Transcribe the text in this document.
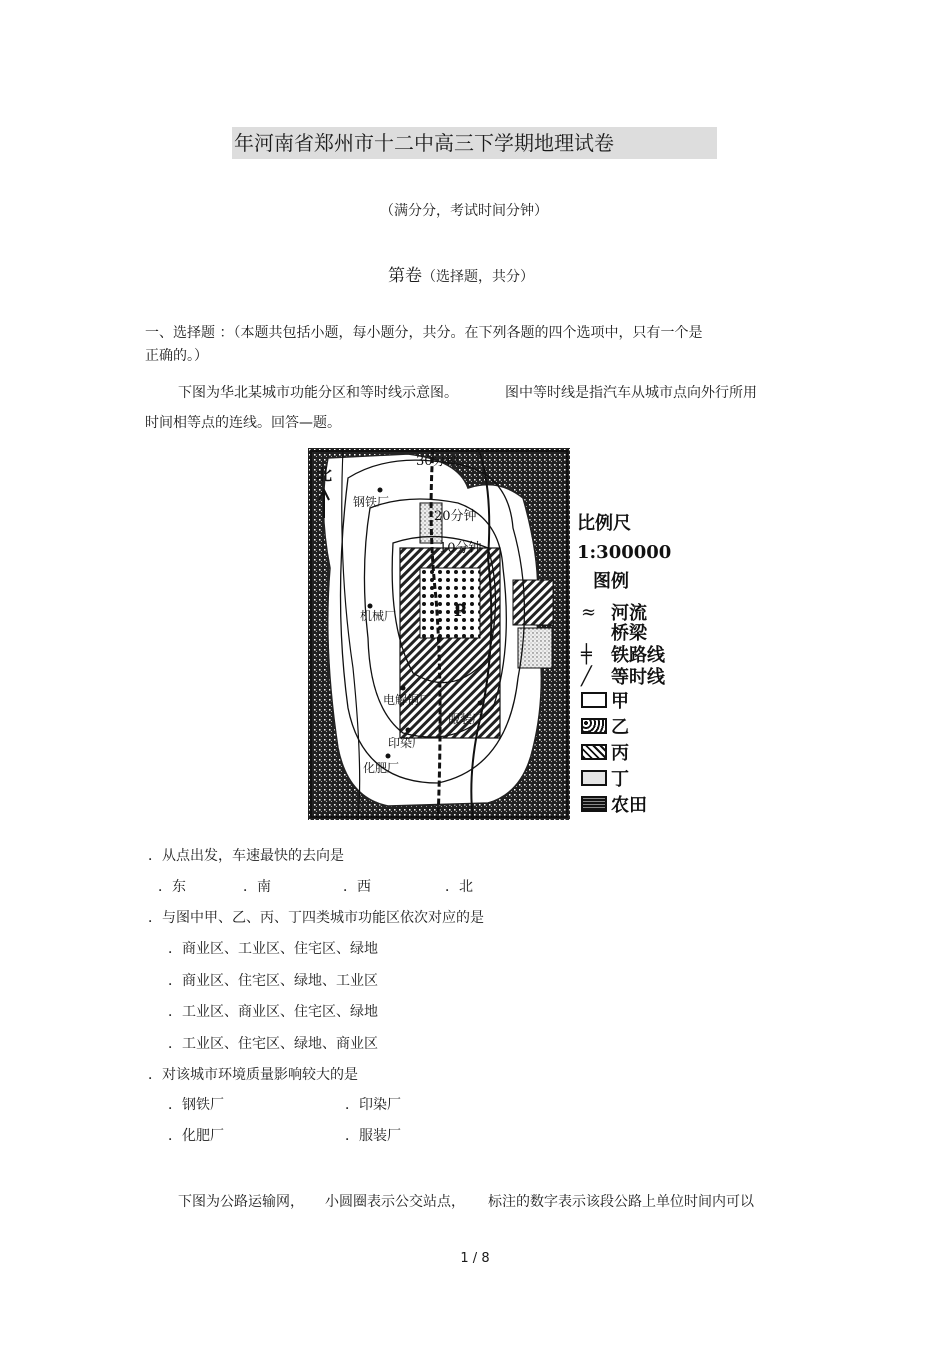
年河南省郑州市十二中高三下学期地理试卷
（满分分，考试时间分钟）
第卷（选择题，共分）
一、选择题 ：（本题共包括小题，每小题分，共分。在下列各题的四个选项中，只有一个是
正确的。）
下图为华北某城市功能分区和等时线示意图。	图中等时线是指汽车从城市点向外行所用
时间相等点的连线。回答—题。
P
北
30分钟
20分钟
10分钟
钢铁厂
机械厂
电解铜厂
服装厂
印染厂
化肥厂
比例尺
1:300000
图例
≈ 河流
桥梁
╪	铁路线
╱	等时线
甲
乙
丙
丁
农田
．从点出发，车速最快的去向是
．东	．南	．西	．北
．与图中甲、乙、丙、丁四类城市功能区依次对应的是
．商业区、工业区、住宅区、绿地
．商业区、住宅区、绿地、工业区
．工业区、商业区、住宅区、绿地
．工业区、住宅区、绿地、商业区
．对该城市环境质量影响较大的是
．钢铁厂	．印染厂
．化肥厂	．服装厂
下图为公路运输网， 小圆圈表示公交站点， 标注的数字表示该段公路上单位时间内可以
1 / 8
